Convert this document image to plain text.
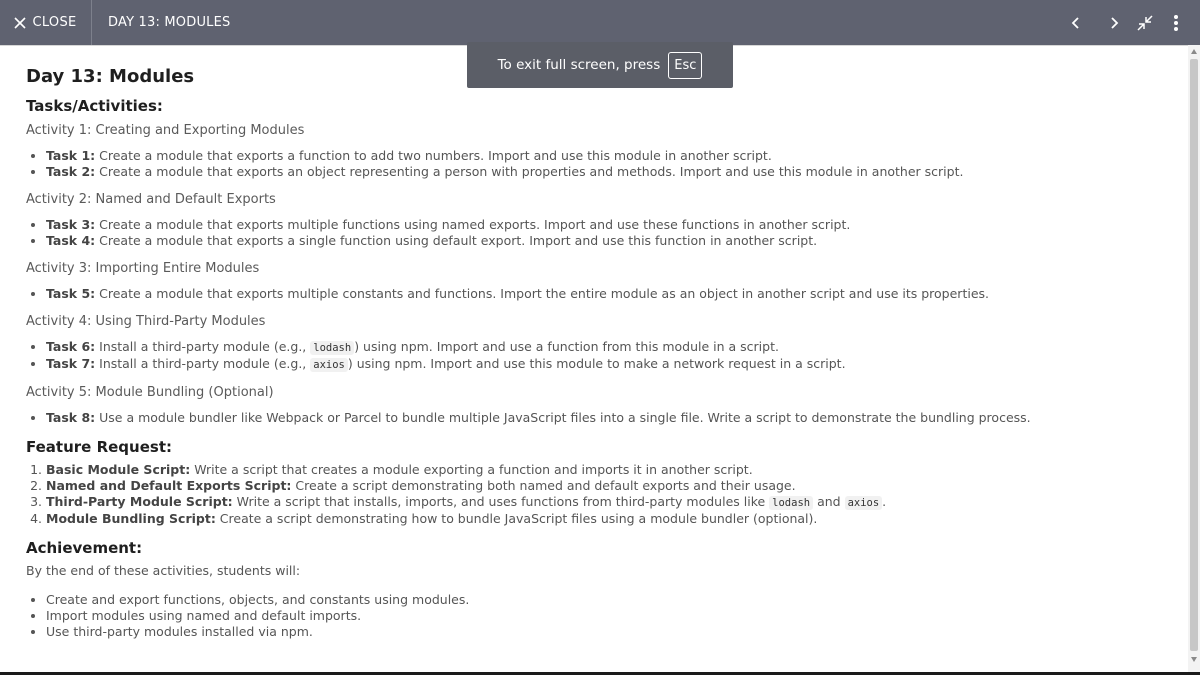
CLOSE DAY 13: MODULES
Day 13: Modules
Tasks/Activities:
Activity 1: Creating and Exporting Modules
• Task 1: Create a module that exports a function to add two numbers. Import and use this module in another script.
• Task 2: Create a module that exports an object representing a person with properties and methods. Import and use this module in another script.
Activity 2: Named and Default Exports
• Task 3: Create a module that exports multiple functions using named exports. Import and use these functions in another script.
• Task 4: Create a module that exports a single function using default export. Import and use this function in another script.
Activity 3: Importing Entire Modules
• Task 5: Create a module that exports multiple constants and functions. Import the entire module as an object in another script and use its properties.
Activity 4: Using Third-Party Modules
• Task 6: Install a third-party module (e.g., lodash ) using npm. Import and use a function from this module in a script.
• Task 7: Install a third-party module (e.g., axios ) using npm. Import and use this module to make a network request in a script.
Activity 5: Module Bundling (Optional)
• Task 8: Use a module bundler like Webpack or Parcel to bundle multiple JavaScript files into a single file. Write a script to demonstrate the bundling process.
Feature Request:
1. Basic Module Script: Write a script that creates a module exporting a function and imports it in another script.
2. Named and Default Exports Script: Create a script demonstrating both named and default exports and their usage.
3. Third-Party Module Script: Write a script that installs, imports, and uses functions from third-party modules like lodash and axios .
4. Module Bundling Script: Create a script demonstrating how to bundle JavaScript files using a module bundler (optional).
Achievement:

By the end of these activities, students will:

• Create and export functions, objects, and constants using modules.
• Import modules using named and default imports.
• Use third-party modules installed via npm.
To exit full screen, press	Esc
